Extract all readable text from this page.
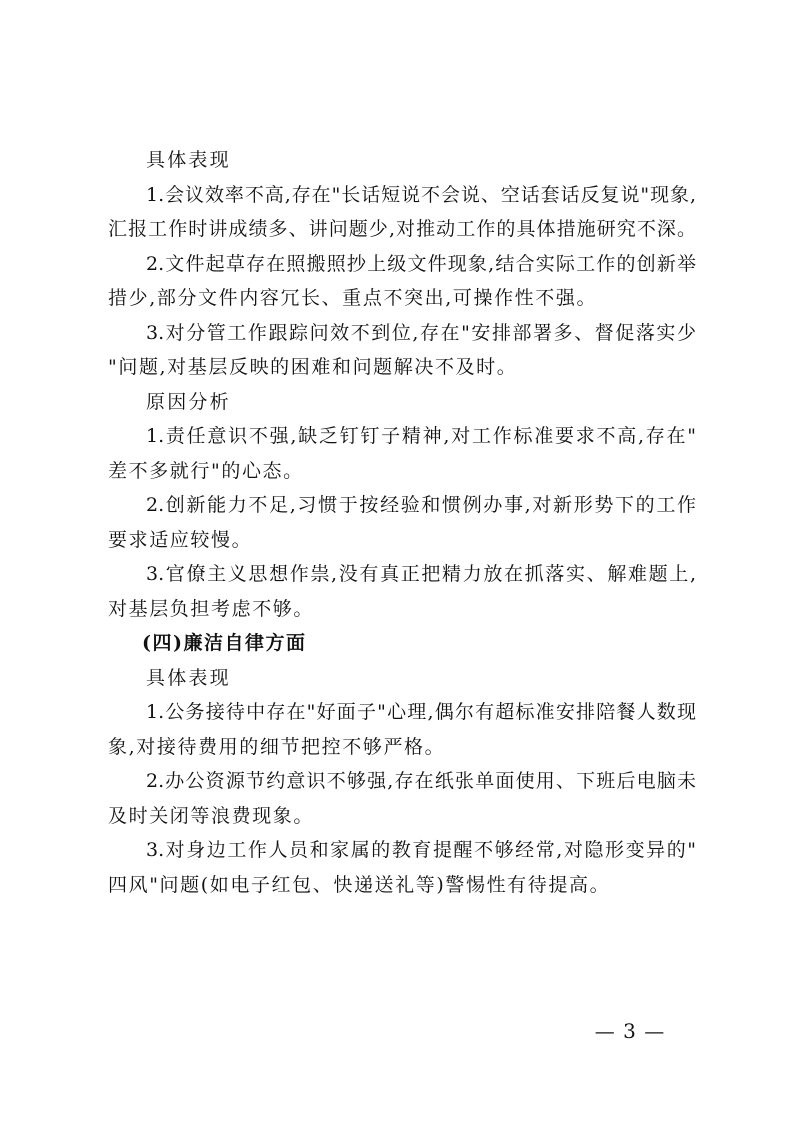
具体表现
1.会议效率不高,存在"长话短说不会说、空话套话反复说"现象,
汇报工作时讲成绩多、讲问题少,对推动工作的具体措施研究不深。
2.文件起草存在照搬照抄上级文件现象,结合实际工作的创新举
措少,部分文件内容冗长、重点不突出,可操作性不强。
3.对分管工作跟踪问效不到位,存在"安排部署多、督促落实少
"问题,对基层反映的困难和问题解决不及时。
原因分析
1.责任意识不强,缺乏钉钉子精神,对工作标准要求不高,存在"
差不多就行"的心态。
2.创新能力不足,习惯于按经验和惯例办事,对新形势下的工作
要求适应较慢。
3.官僚主义思想作祟,没有真正把精力放在抓落实、解难题上,
对基层负担考虑不够。
(四)廉洁自律方面
具体表现
1.公务接待中存在"好面子"心理,偶尔有超标准安排陪餐人数现
象,对接待费用的细节把控不够严格。
2.办公资源节约意识不够强,存在纸张单面使用、下班后电脑未
及时关闭等浪费现象。
3.对身边工作人员和家属的教育提醒不够经常,对隐形变异的"
四风"问题(如电子红包、快递送礼等)警惕性有待提高。
— 3 —
